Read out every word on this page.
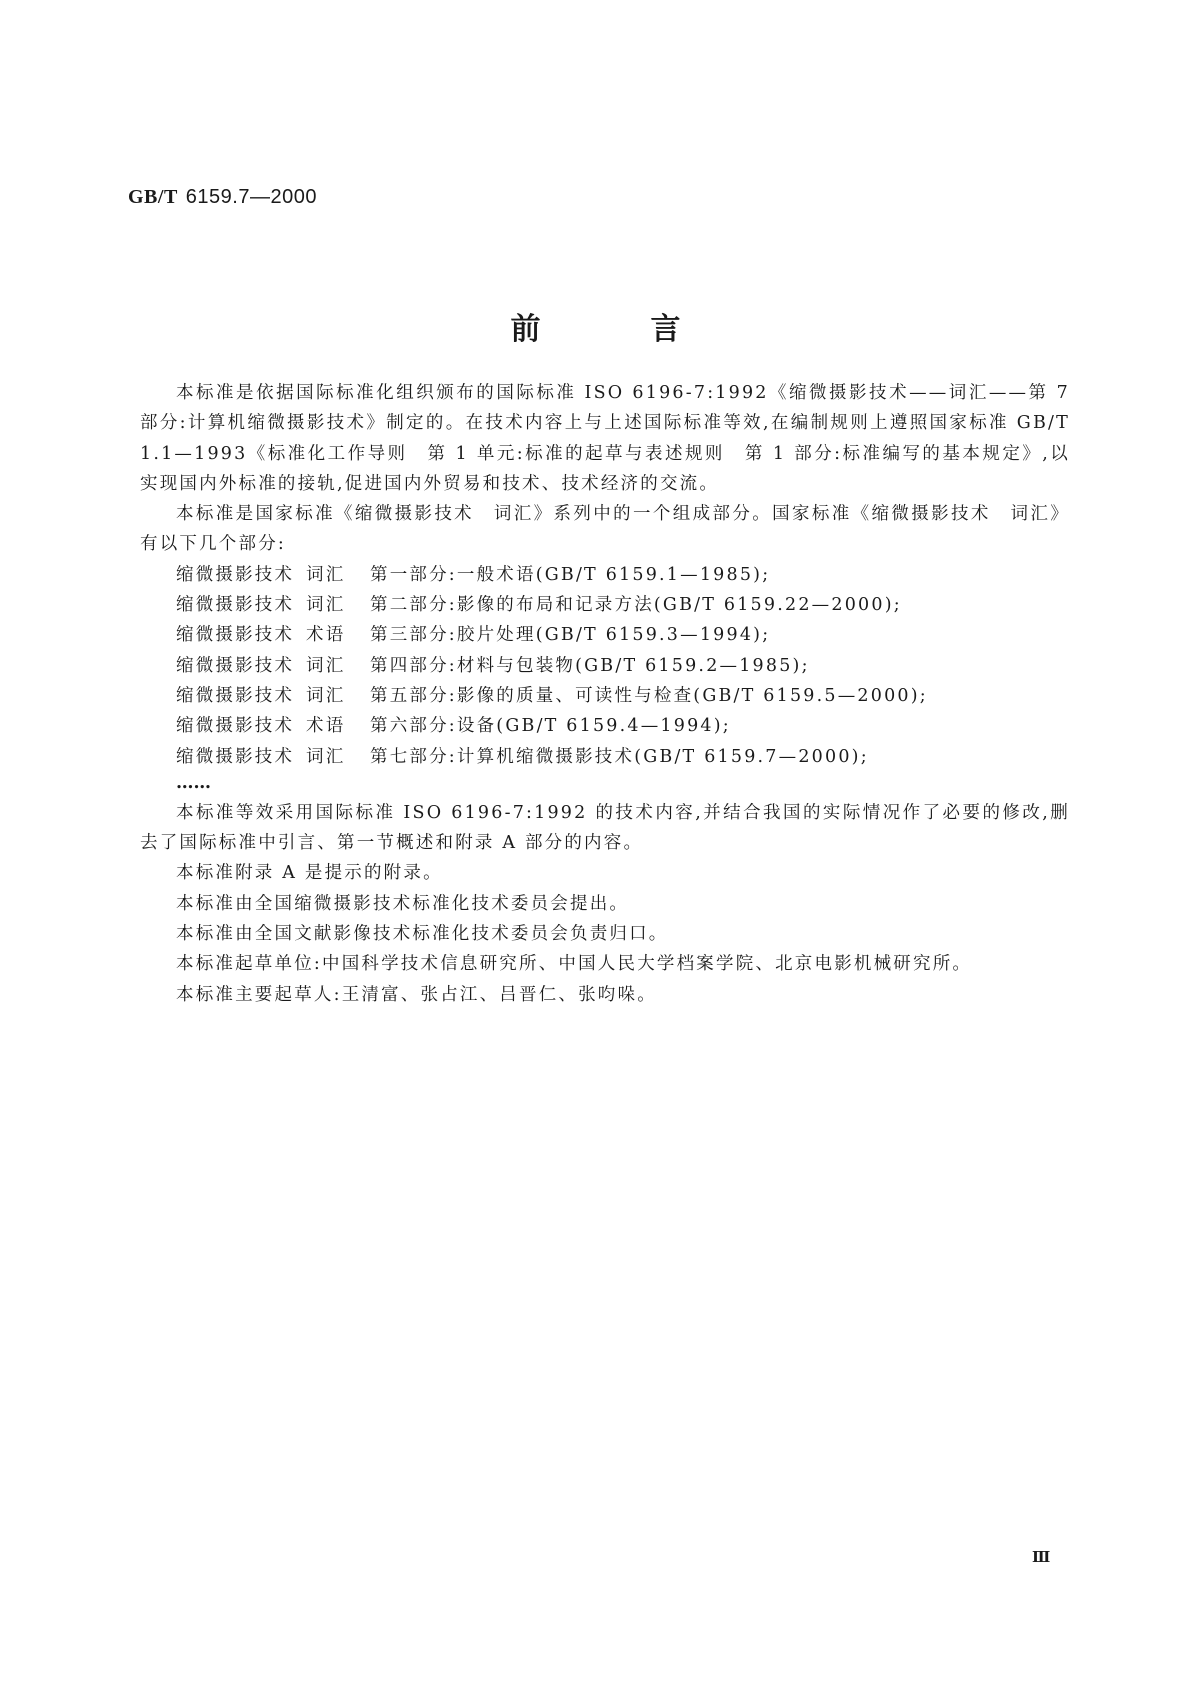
GB/T 6159.7—2000
前	言

本标准是依据国际标准化组织颁布的国际标准 ISO 6196-7:1992《缩微摄影技术——词汇——第 7 部分:计算机缩微摄影技术》制定的。在技术内容上与上述国际标准等效,在编制规则上遵照国家标准 GB/T 1.1—1993《标准化工作导则　第 1 单元:标准的起草与表述规则　第 1 部分:标准编写的基本规定》,以实现国内外标准的接轨,促进国内外贸易和技术、技术经济的交流。

本标准是国家标准《缩微摄影技术　词汇》系列中的一个组成部分。国家标准《缩微摄影技术　词汇》有以下几个部分:

缩微摄影技术 词汇 第一部分:一般术语(GB/T 6159.1—1985);
缩微摄影技术 词汇 第二部分:影像的布局和记录方法(GB/T 6159.22—2000);
缩微摄影技术 术语 第三部分:胶片处理(GB/T 6159.3—1994);
缩微摄影技术 词汇 第四部分:材料与包装物(GB/T 6159.2—1985);
缩微摄影技术 词汇 第五部分:影像的质量、可读性与检查(GB/T 6159.5—2000);
缩微摄影技术 术语 第六部分:设备(GB/T 6159.4—1994);
缩微摄影技术 词汇 第七部分:计算机缩微摄影技术(GB/T 6159.7—2000);
……

本标准等效采用国际标准 ISO 6196-7:1992 的技术内容,并结合我国的实际情况作了必要的修改,删去了国际标准中引言、第一节概述和附录 A 部分的内容。

本标准附录 A 是提示的附录。

本标准由全国缩微摄影技术标准化技术委员会提出。

本标准由全国文献影像技术标准化技术委员会负责归口。

本标准起草单位:中国科学技术信息研究所、中国人民大学档案学院、北京电影机械研究所。

本标准主要起草人:王清富、张占江、吕晋仁、张呁哚。

Ⅲ
